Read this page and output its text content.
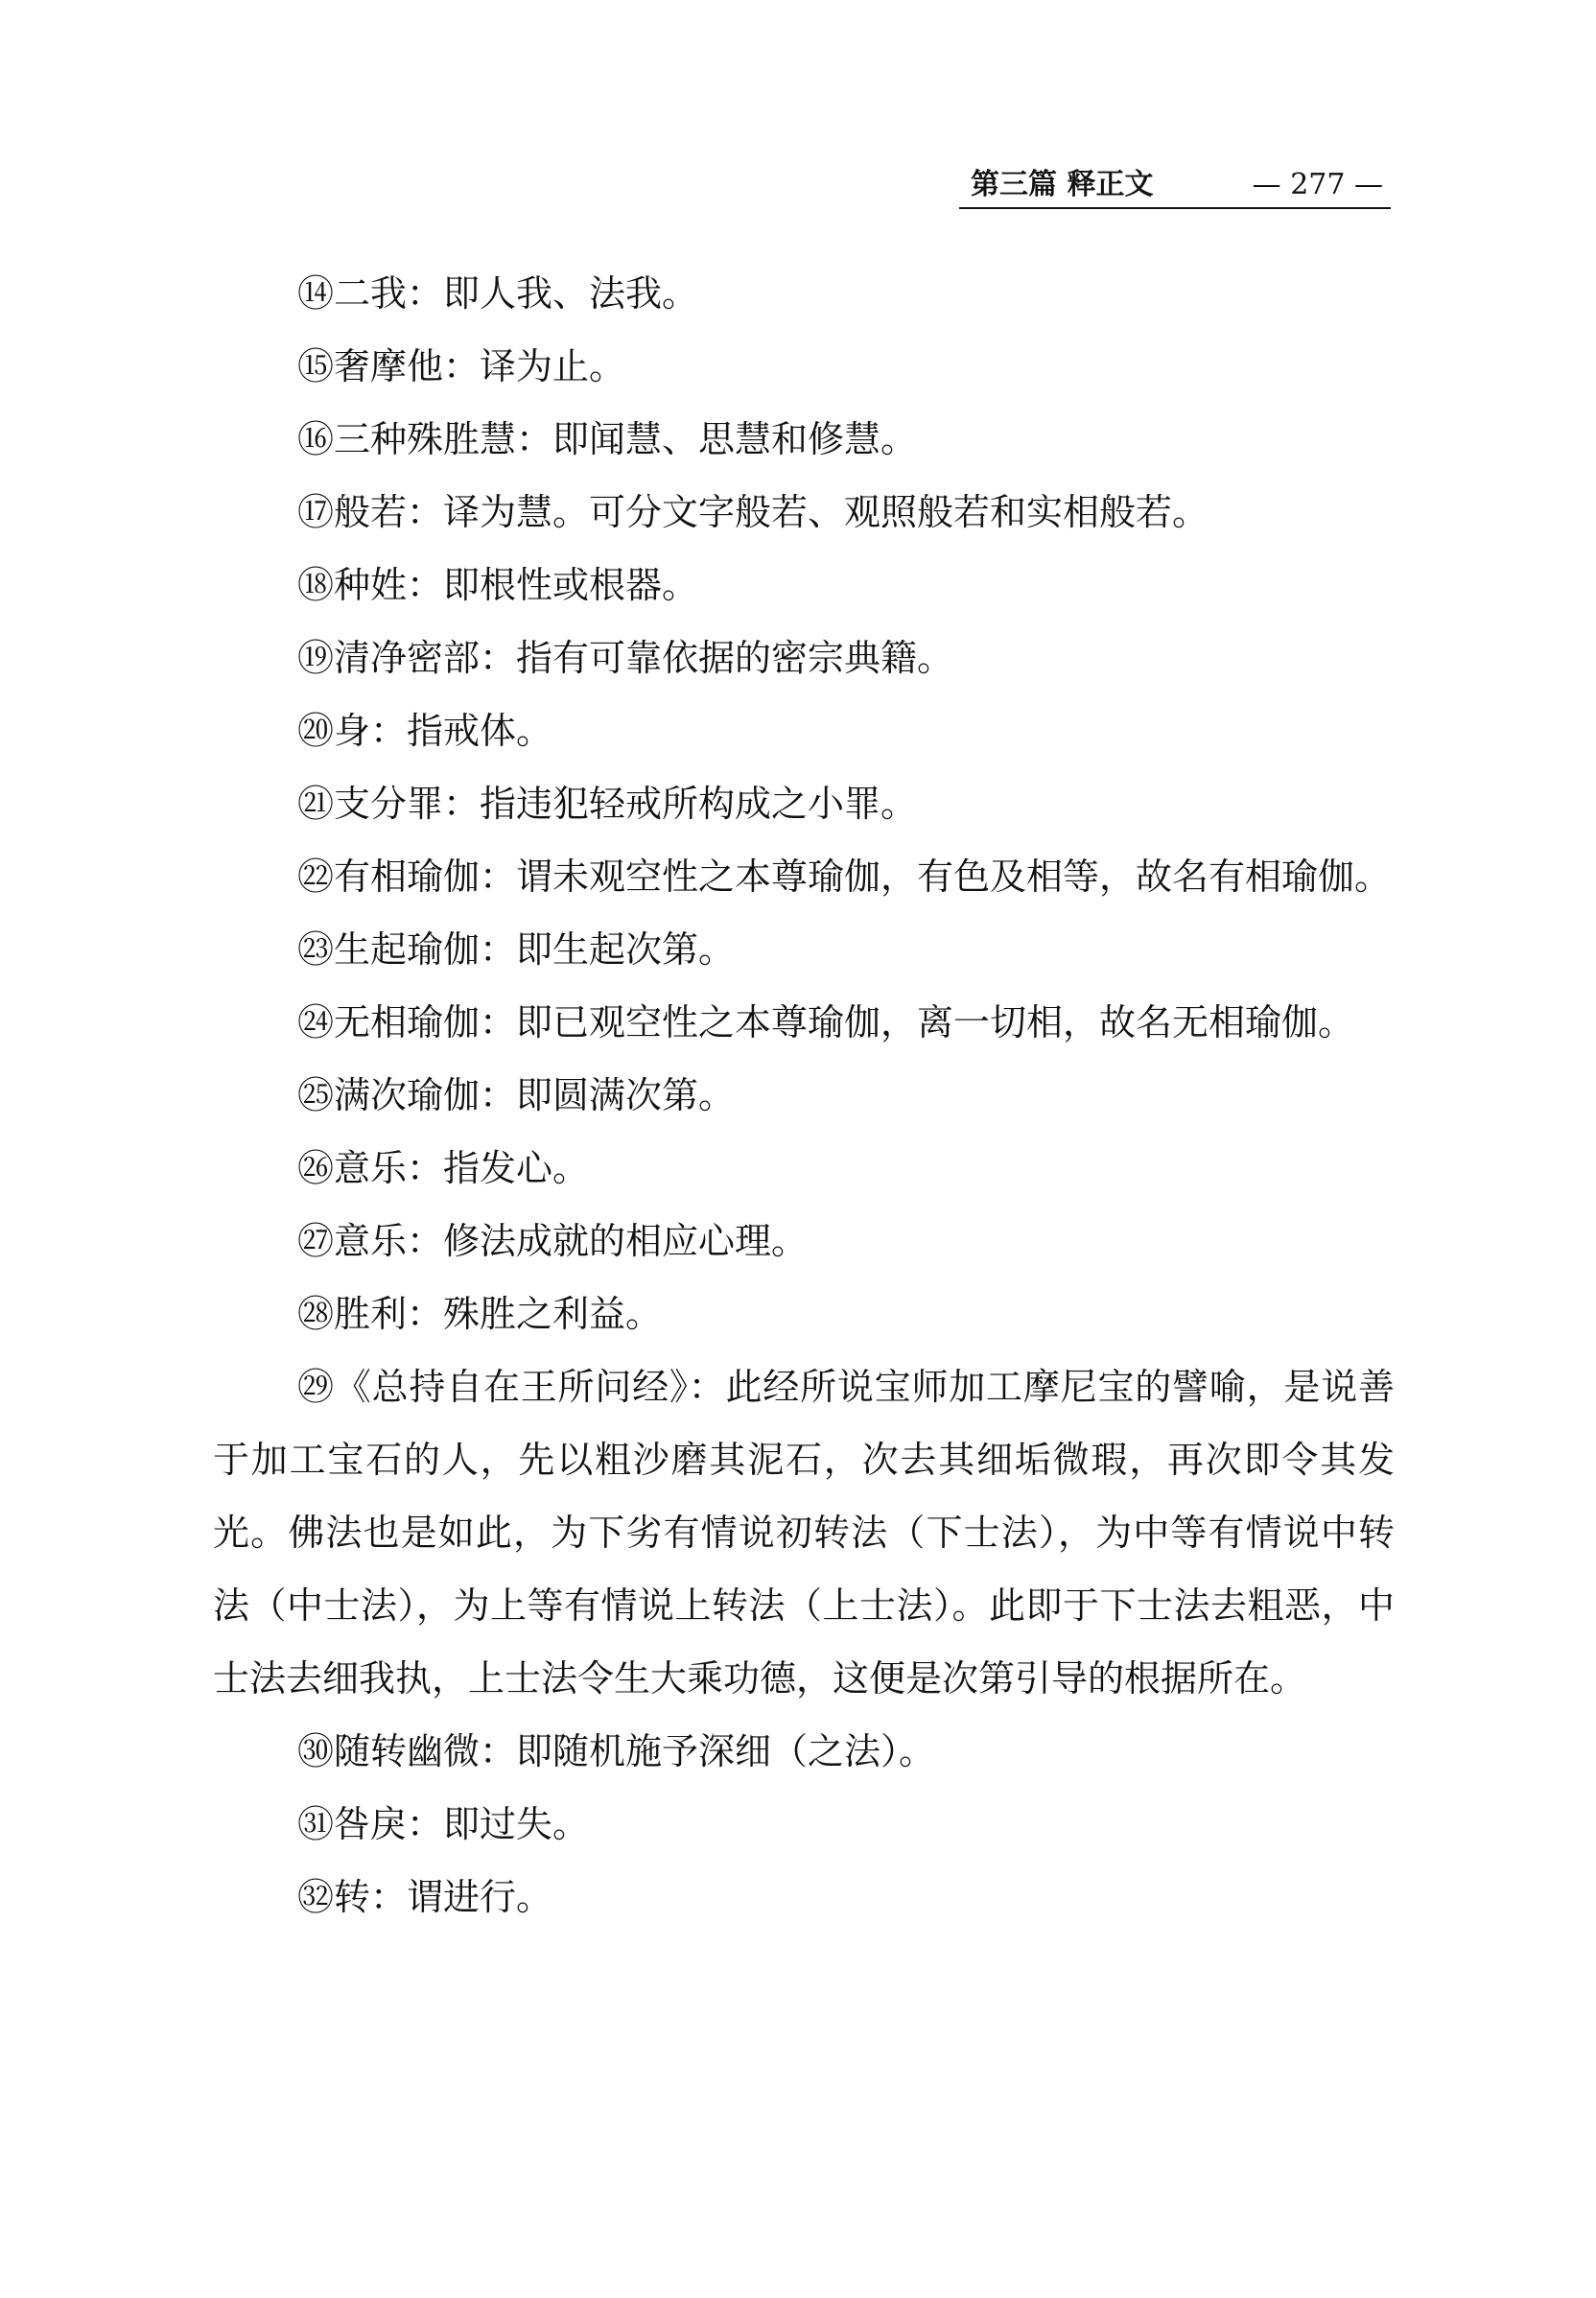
第三篇 释正文	— 277 —

⑭二我：即人我、法我。

⑮奢摩他：译为止。

⑯三种殊胜慧：即闻慧、思慧和修慧。

⑰般若：译为慧。可分文字般若、观照般若和实相般若。

⑱种姓：即根性或根器。

⑲清净密部：指有可靠依据的密宗典籍。

⑳身：指戒体。

㉑支分罪：指违犯轻戒所构成之小罪。

㉒有相瑜伽：谓未观空性之本尊瑜伽，有色及相等，故名有相瑜伽。

㉓生起瑜伽：即生起次第。

㉔无相瑜伽：即已观空性之本尊瑜伽，离一切相，故名无相瑜伽。

㉕满次瑜伽：即圆满次第。

㉖意乐：指发心。

㉗意乐：修法成就的相应心理。

㉘胜利：殊胜之利益。

㉙《总持自在王所问经》：此经所说宝师加工摩尼宝的譬喻，是说善于加工宝石的人，先以粗沙磨其泥石，次去其细垢微瑕，再次即令其发光。佛法也是如此，为下劣有情说初转法（下士法），为中等有情说中转法（中士法），为上等有情说上转法（上士法）。此即于下士法去粗恶，中士法去细我执，上士法令生大乘功德，这便是次第引导的根据所在。

㉚随转幽微：即随机施予深细（之法）。

㉛咎戾：即过失。

㉜转：谓进行。
